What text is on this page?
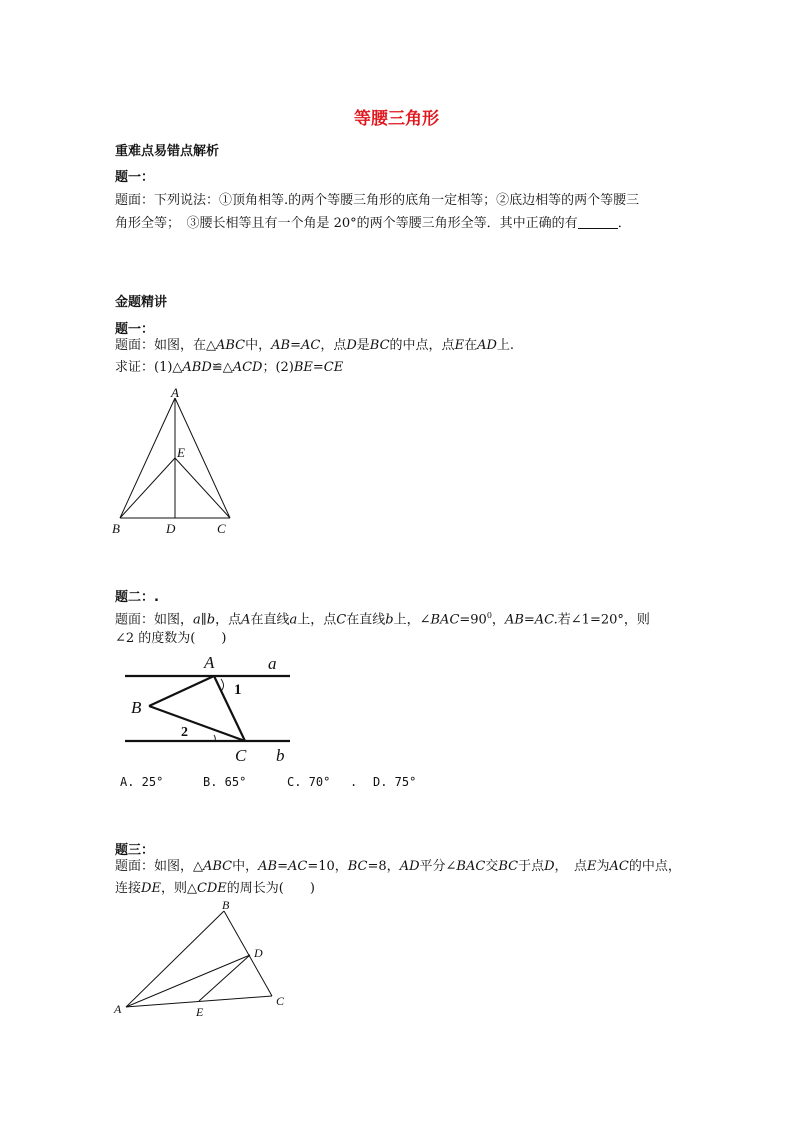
等腰三角形
重难点易错点解析
题一：
题面：下列说法：①顶角相等.的两个等腰三角形的底角一定相等；②底边相等的两个等腰三
角形全等；　③腰长相等且有一个角是 20°的两个等腰三角形全等．其中正确的有	．
金题精讲
题一：
题面：如图，在△ABC中，AB=AC，点D是BC的中点，点E在AD上.
求证：(1)△ABD≌△ACD；(2)BE=CE
A
B	D	C
E
题二：.
题面：如图，a∥b，点A在直线a上，点C在直线b上，$\angle BAC=90^0$，AB=AC.若∠1=20°，则
∠2 的度数为(　　)
A	a
B
C b
1
2
A. 25°	B. 65°	C. 70° . D. 75°
题三：
题面：如图，△ABC中，AB=AC=10，BC=8，AD平分∠BAC交BC于点D，　点E为AC的中点，
连接DE，则△CDE的周长为(　　)
B
D
C
A	E
